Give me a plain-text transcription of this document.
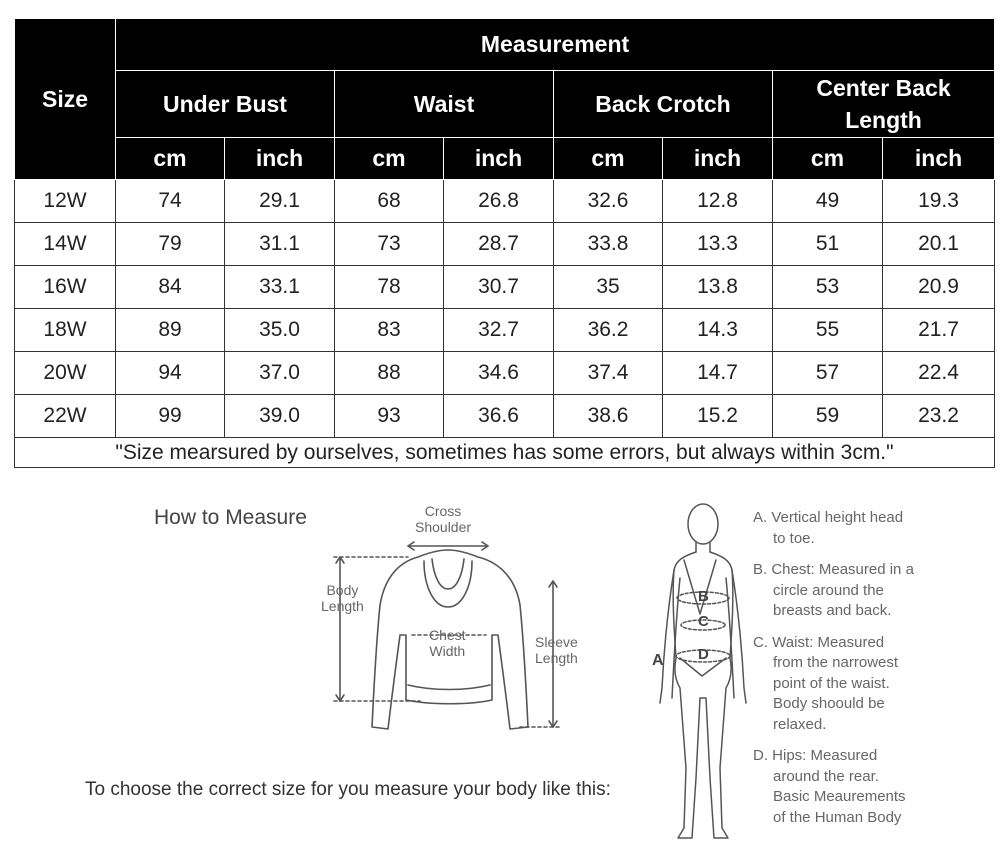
Size	Measurement							
	Under Bust		Waist		Back Crotch		Center Back Length	
	cm	inch	cm	inch	cm	inch	cm	inch
12W	74	29.1	68	26.8	32.6	12.8	49	19.3
14W	79	31.1	73	28.7	33.8	13.3	51	20.1
16W	84	33.1	78	30.7	35	13.8	53	20.9
18W	89	35.0	83	32.7	36.2	14.3	55	21.7
20W	94	37.0	88	34.6	37.4	14.7	57	22.4
22W	99	39.0	93	36.6	38.6	15.2	59	23.2
"Size mearsured by ourselves, sometimes has some errors, but always within 3cm."								
How to Measure
To choose the correct size for you measure your body like this:
Cross
Shoulder
Body
Length
Chest
Width
Sleeve
Length	A
B
C
D
A. Vertical height head
to toe.
B. Chest: Measured in a
circle around the
breasts and back.
C. Waist: Measured
from the narrowest
point of the waist.
Body shoould be
relaxed.
D. Hips: Measured
around the rear.
Basic Meaurements
of the Human Body
